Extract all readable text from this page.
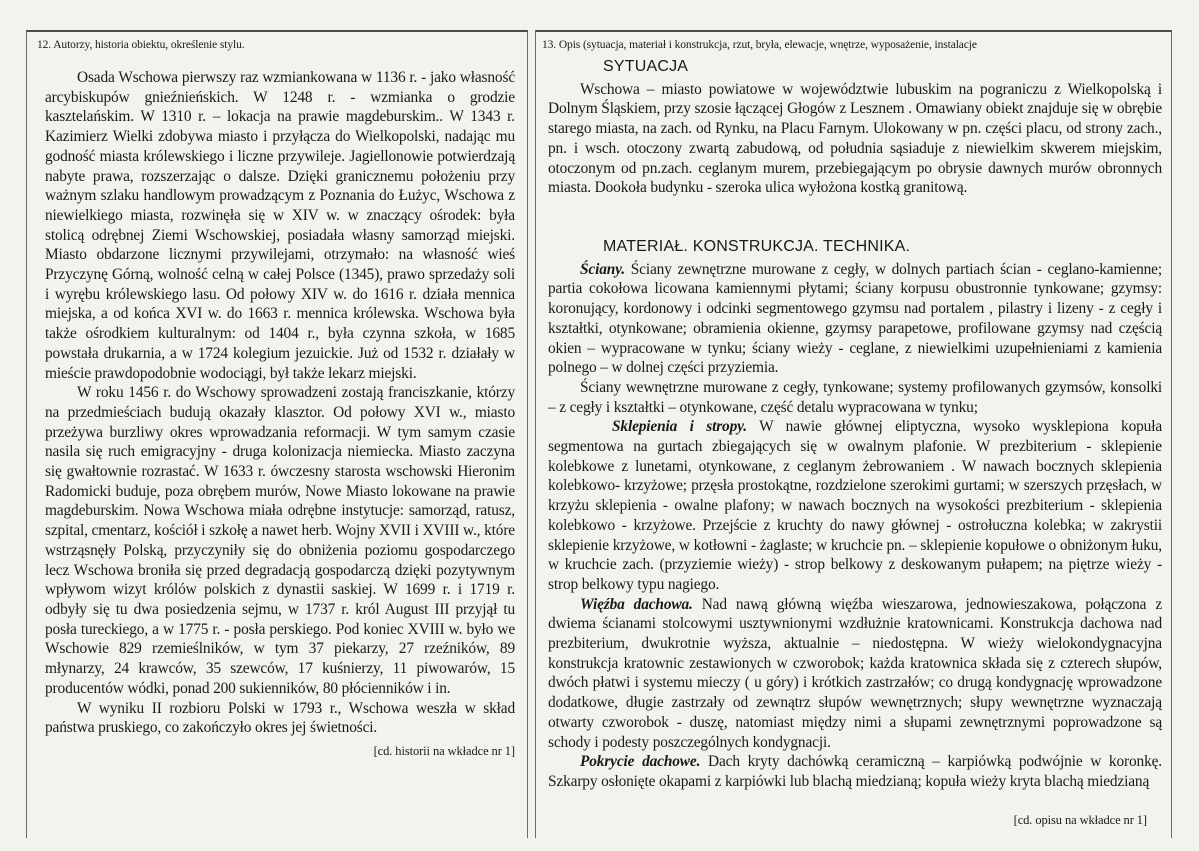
12. Autorzy, historia obiektu, określenie stylu.

Osada Wschowa pierwszy raz wzmiankowana w 1136 r. - jako własność arcybiskupów gnieźnieńskich. W 1248 r. - wzmianka o grodzie kasztelańskim. W 1310 r. – lokacja na prawie magdeburskim.. W 1343 r. Kazimierz Wielki zdobywa miasto i przyłącza do Wielkopolski, nadając mu godność miasta królewskiego i liczne przywileje. Jagiellonowie potwierdzają nabyte prawa, rozszerzając o dalsze. Dzięki granicznemu położeniu przy ważnym szlaku handlowym prowadzącym z Poznania do Łużyc, Wschowa z niewielkiego miasta, rozwinęła się w XIV w. w znaczący ośrodek: była stolicą odrębnej Ziemi Wschowskiej, posiadała własny samorząd miejski. Miasto obdarzone licznymi przywilejami, otrzymało: na własność wieś Przyczynę Górną, wolność celną w całej Polsce (1345), prawo sprzedaży soli i wyrębu królewskiego lasu. Od połowy XIV w. do 1616 r. działa mennica miejska, a od końca XVI w. do 1663 r. mennica królewska. Wschowa była także ośrodkiem kulturalnym: od 1404 r., była czynna szkoła, w 1685 powstała drukarnia, a w 1724 kolegium jezuickie. Już od 1532 r. działały w mieście prawdopodobnie wodociągi, był także lekarz miejski.

W roku 1456 r. do Wschowy sprowadzeni zostają franciszkanie, którzy na przedmieściach budują okazały klasztor. Od połowy XVI w., miasto przeżywa burzliwy okres wprowadzania reformacji. W tym samym czasie nasila się ruch emigracyjny - druga kolonizacja niemiecka. Miasto zaczyna się gwałtownie rozrastać. W 1633 r. ówczesny starosta wschowski Hieronim Radomicki buduje, poza obrębem murów, Nowe Miasto lokowane na prawie magdeburskim. Nowa Wschowa miała odrębne instytucje: samorząd, ratusz, szpital, cmentarz, kościół i szkołę a nawet herb. Wojny XVII i XVIII w., które wstrząsnęły Polską, przyczyniły się do obniżenia poziomu gospodarczego lecz Wschowa broniła się przed degradacją gospodarczą dzięki pozytywnym wpływom wizyt królów polskich z dynastii saskiej. W 1699 r. i 1719 r. odbyły się tu dwa posiedzenia sejmu, w 1737 r. król August III przyjął tu posła tureckiego, a w 1775 r. - posła perskiego. Pod koniec XVIII w. było we Wschowie 829 rzemieślników, w tym 37 piekarzy, 27 rzeźników, 89 młynarzy, 24 krawców, 35 szewców, 17 kuśnierzy, 11 piwowarów, 15 producentów wódki, ponad 200 sukienników, 80 płócienników i in.

W wyniku II rozbioru Polski w 1793 r., Wschowa weszła w skład państwa pruskiego, co zakończyło okres jej świetności.

[cd. historii na wkładce nr 1]
13. Opis (sytuacja, materiał i konstrukcja, rzut, bryła, elewacje, wnętrze, wyposażenie, instalacje
SYTUACJA

Wschowa – miasto powiatowe w województwie lubuskim na pograniczu z Wielkopolską i Dolnym Śląskiem, przy szosie łączącej Głogów z Lesznem . Omawiany obiekt znajduje się w obrębie starego miasta, na zach. od Rynku, na Placu Farnym. Ulokowany w pn. części placu, od strony zach., pn. i wsch. otoczony zwartą zabudową, od południa sąsiaduje z niewielkim skwerem miejskim, otoczonym od pn.zach. ceglanym murem, przebiegającym po obrysie dawnych murów obronnych miasta. Dookoła budynku - szeroka ulica wyłożona kostką granitową.

MATERIAŁ. KONSTRUKCJA. TECHNIKA.

Ściany. Ściany zewnętrzne murowane z cegły, w dolnych partiach ścian - ceglano-kamienne; partia cokołowa licowana kamiennymi płytami; ściany korpusu obustronnie tynkowane; gzymsy: koronujący, kordonowy i odcinki segmentowego gzymsu nad portalem , pilastry i lizeny - z cegły i kształtki, otynkowane; obramienia okienne, gzymsy parapetowe, profilowane gzymsy nad częścią okien – wypracowane w tynku; ściany wieży - ceglane, z niewielkimi uzupełnieniami z kamienia polnego – w dolnej części przyziemia.

Ściany wewnętrzne murowane z cegły, tynkowane; systemy profilowanych gzymsów, konsolki – z cegły i kształtki – otynkowane, część detalu wypracowana w tynku;

Sklepienia i stropy. W nawie głównej eliptyczna, wysoko wysklepiona kopuła segmentowa na gurtach zbiegających się w owalnym plafonie. W prezbiterium - sklepienie kolebkowe z lunetami, otynkowane, z ceglanym żebrowaniem . W nawach bocznych sklepienia kolebkowo- krzyżowe; przęsła prostokątne, rozdzielone szerokimi gurtami; w szerszych przęsłach, w krzyżu sklepienia - owalne plafony; w nawach bocznych na wysokości prezbiterium - sklepienia kolebkowo - krzyżowe. Przejście z kruchty do nawy głównej - ostrołuczna kolebka; w zakrystii sklepienie krzyżowe, w kotłowni - żaglaste; w kruchcie pn. – sklepienie kopułowe o obniżonym łuku, w kruchcie zach. (przyziemie wieży) - strop belkowy z deskowanym pułapem; na piętrze wieży - strop belkowy typu nagiego.

Więźba dachowa. Nad nawą główną więźba wieszarowa, jednowieszakowa, połączona z dwiema ścianami stolcowymi usztywnionymi wzdłużnie kratownicami. Konstrukcja dachowa nad prezbiterium, dwukrotnie wyższa, aktualnie – niedostępna. W wieży wielokondygnacyjna konstrukcja kratownic zestawionych w czworobok; każda kratownica składa się z czterech słupów, dwóch płatwi i systemu mieczy ( u góry) i krótkich zastrzałów; co drugą kondygnację wprowadzone dodatkowe, długie zastrzały od zewnątrz słupów wewnętrznych; słupy wewnętrzne wyznaczają otwarty czworobok - duszę, natomiast między nimi a słupami zewnętrznymi poprowadzone są schody i podesty poszczególnych kondygnacji.

Pokrycie dachowe. Dach kryty dachówką ceramiczną – karpiówką podwójnie w koronkę. Szkarpy osłonięte okapami z karpiówki lub blachą miedzianą; kopuła wieży kryta blachą miedzianą

[cd. opisu na wkładce nr 1]
